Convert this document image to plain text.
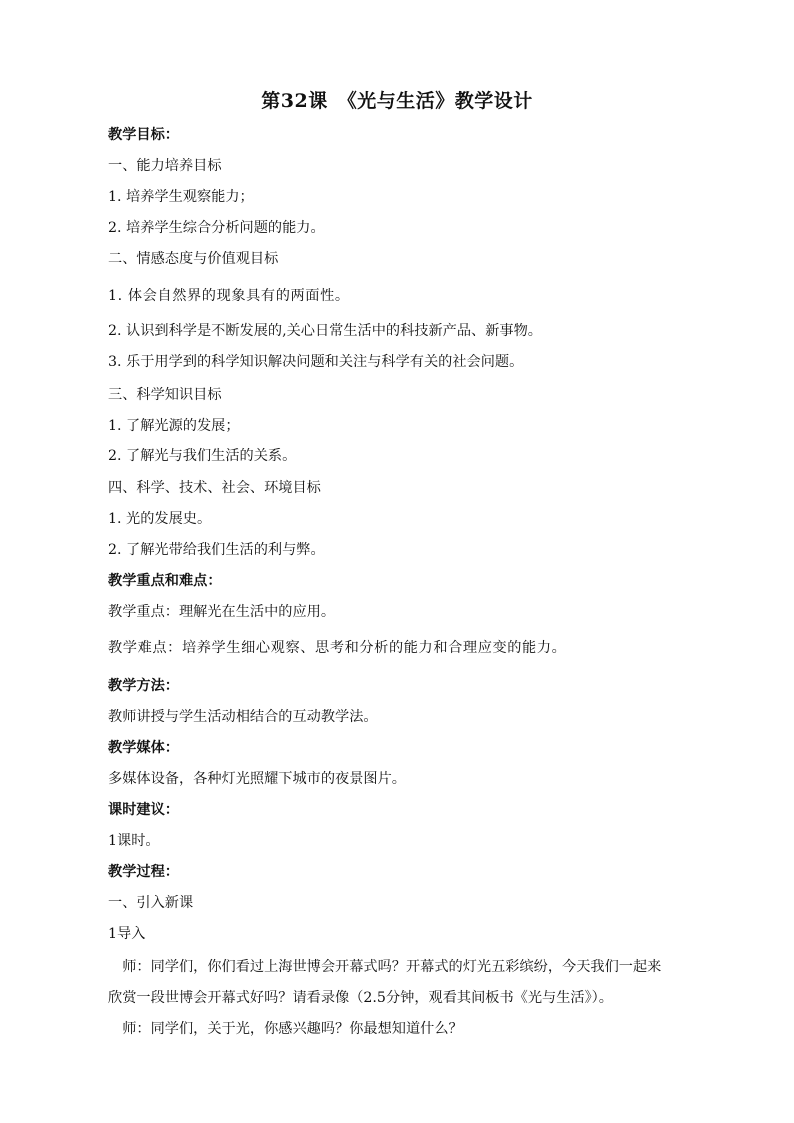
第32课　《光与生活》教学设计
教学目标：
一、能力培养目标
1. 培养学生观察能力；
2. 培养学生综合分析问题的能力。
二、情感态度与价值观目标
1. 体会自然界的现象具有的两面性。
2. 认识到科学是不断发展的,关心日常生活中的科技新产品、新事物。
3. 乐于用学到的科学知识解决问题和关注与科学有关的社会问题。
三、科学知识目标
1. 了解光源的发展；
2. 了解光与我们生活的关系。
四、科学、技术、社会、环境目标
1. 光的发展史。
2. 了解光带给我们生活的利与弊。
教学重点和难点：
教学重点：理解光在生活中的应用。
教学难点：培养学生细心观察、思考和分析的能力和合理应变的能力。
教学方法：
教师讲授与学生活动相结合的互动教学法。
教学媒体：
多媒体设备，各种灯光照耀下城市的夜景图片。
课时建议：
1课时。
教学过程：
一、引入新课
1导入
　师：同学们，你们看过上海世博会开幕式吗？开幕式的灯光五彩缤纷，今天我们一起来
欣赏一段世博会开幕式好吗？请看录像（2.5分钟，观看其间板书《光与生活》）。
　师：同学们，关于光，你感兴趣吗？你最想知道什么？
